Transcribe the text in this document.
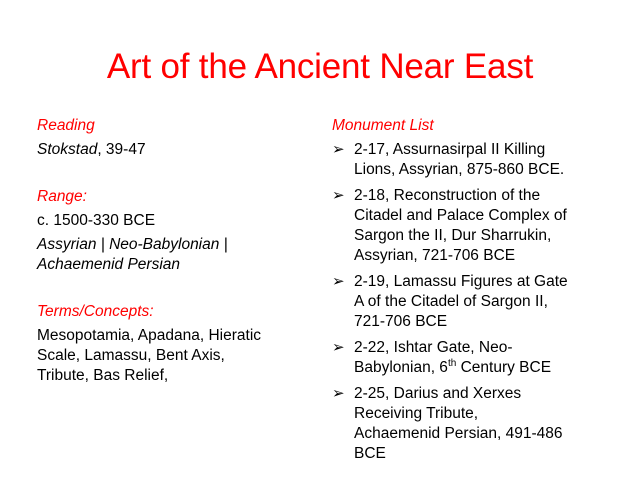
Art of the Ancient Near East
Reading
Stokstad, 39-47
Range:
c. 1500-330 BCE
Assyrian | Neo-Babylonian |
Achaemenid Persian
Terms/Concepts:
Mesopotamia, Apadana, Hieratic
Scale, Lamassu, Bent Axis,
Tribute, Bas Relief,
Monument List
➢ 2-17, Assurnasirpal II Killing
Lions, Assyrian, 875-860 BCE.
➢ 2-18, Reconstruction of the
Citadel and Palace Complex of
Sargon the II, Dur Sharrukin,
Assyrian, 721-706 BCE
➢ 2-19, Lamassu Figures at Gate
A of the Citadel of Sargon II,
721-706 BCE
➢ 2-22, Ishtar Gate, Neo-
Babylonian, 6th Century BCE
➢ 2-25, Darius and Xerxes
Receiving Tribute,
Achaemenid Persian, 491-486
BCE
